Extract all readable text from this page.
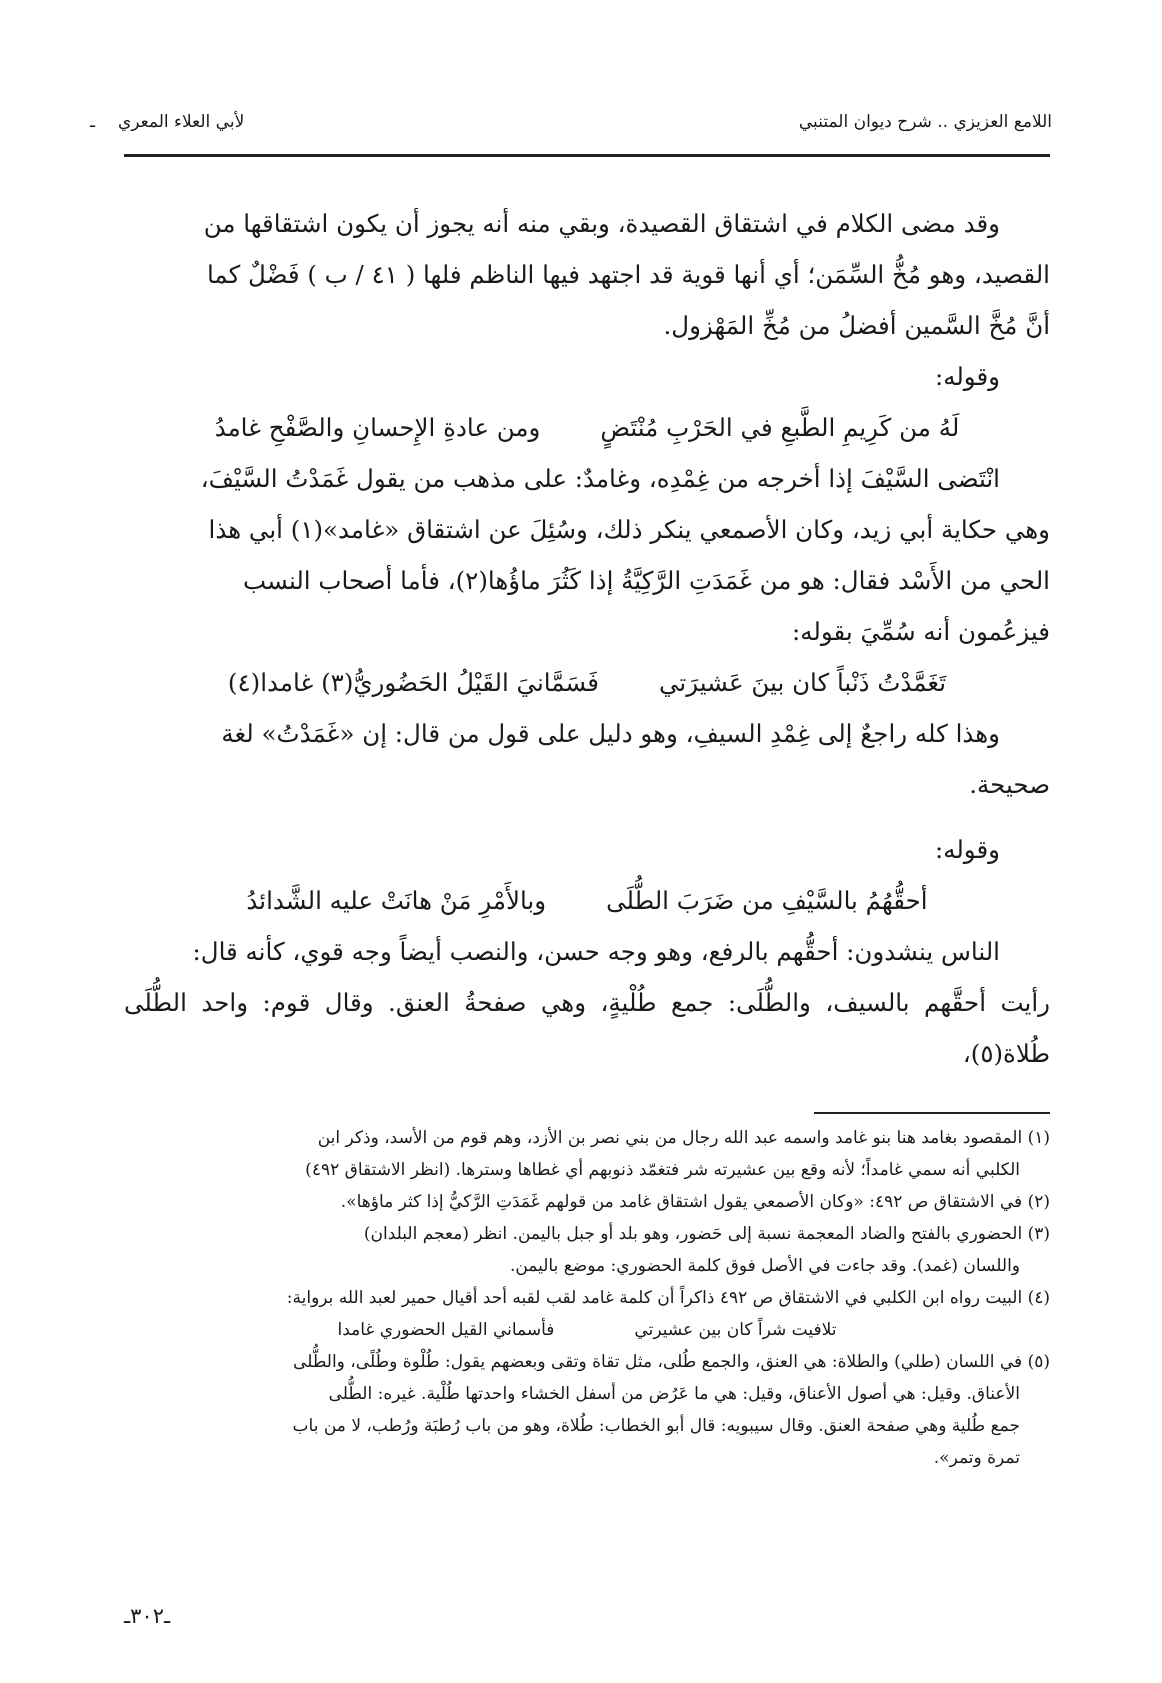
اللامع العزيزي .. شرح ديوان المتنبي
لأبي العلاء المعري
ـ

وقد مضى الكلام في اشتقاق القصيدة، وبقي منه أنه يجوز أن يكون اشتقاقها من

القصيد، وهو مُخُّ السِّمَن؛ أي أنها قوية قد اجتهد فيها الناظم فلها ( ٤١ / ب ) فَضْلٌ كما

أنَّ مُخَّ السَّمين أفضلُ من مُخِّ المَهْزول.

وقوله:

لَهُ من كَرِيمِ الطَّبعِ في الحَرْبِ مُنْتَضٍ
ومن عادةِ الإِحسانِ والصَّفْحِ غامدُ

انْتَضى السَّيْفَ إذا أخرجه من غِمْدِه، وغامدٌ: على مذهب من يقول غَمَدْتُ السَّيْفَ،

وهي حكاية أبي زيد، وكان الأصمعي ينكر ذلك، وسُئِلَ عن اشتقاق «غامد»(١) أبي هذا

الحي من الأَسْد فقال: هو من غَمَدَتِ الرَّكِيَّةُ إذا كَثُرَ ماؤُها(٢)، فأما أصحاب النسب

فيزعُمون أنه سُمِّيَ بقوله:

تَغَمَّدْتُ ذَنْباً كان بينَ عَشيرَتي
فَسَمَّانيَ القَيْلُ الحَضُوريُّ(٣) غامدا(٤)

وهذا كله راجعٌ إلى غِمْدِ السيفِ، وهو دليل على قول من قال: إن «غَمَدْتُ» لغة

صحيحة.

وقوله:

أحقُّهُمُ بالسَّيْفِ من ضَرَبَ الطُّلَى
وبالأَمْرِ مَنْ هانَتْ عليه الشَّدائدُ

الناس ينشدون: أحقُّهم بالرفع، وهو وجه حسن، والنصب أيضاً وجه قوي، كأنه قال:

رأيت أحقَّهم بالسيف، والطُّلَى: جمع طُلْيةٍ، وهي صفحةُ العنق. وقال قوم: واحد الطُّلَى طُلاة(٥)،

(١) المقصود بغامد هنا بنو غامد واسمه عبد الله رجال من بني نصر بن الأزد، وهم قوم من الأسد، وذكر ابن

الكلبي أنه سمي غامداً؛ لأنه وقع بين عشيرته شر فتغمّد ذنوبهم أي غطاها وسترها. (انظر الاشتقاق ٤٩٢)

(٢) في الاشتقاق ص ٤٩٢: «وكان الأصمعي يقول اشتقاق غامد من قولهم غَمَدَتِ الرَّكيُّ إذا كثر ماؤها».

(٣) الحضوري بالفتح والضاد المعجمة نسبة إلى حَضور، وهو بلد أو جبل باليمن. انظر (معجم البلدان)

واللسان (غمد). وقد جاءت في الأصل فوق كلمة الحضوري: موضع باليمن.

(٤) البيت رواه ابن الكلبي في الاشتقاق ص ٤٩٢ ذاكراً أن كلمة غامد لقب لقبه أحد أقيال حمير لعبد الله برواية:

تلافيت شراً كان بين عشيرتي
فأسماني القيل الحضوري غامدا

(٥) في اللسان (طلي) والطلاة: هي العنق، والجمع طُلى، مثل تقاة وتقى وبعضهم يقول: طُلْوة وطُلًى، والطُّلى

الأعناق. وقيل: هي أصول الأعناق، وقيل: هي ما عَرُض من أسفل الخشاء واحدتها طُلْية. غيره: الطُّلى

جمع طُلية وهي صفحة العنق. وقال سيبويه: قال أبو الخطاب: طُلاة، وهو من باب رُطبَة ورُطب، لا من باب

تمرة وتمر».

ـ٣٠٢ـ
